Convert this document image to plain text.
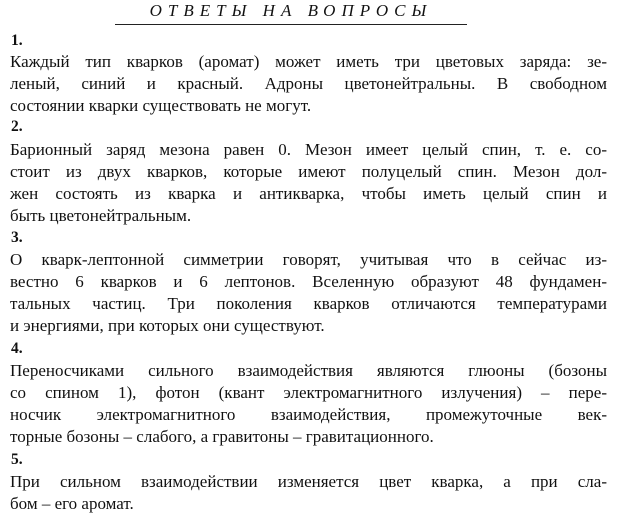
ОТВЕТЫ НА ВОПРОСЫ
1.
Каждый тип кварков (аромат) может иметь три цветовых заряда: зе-
леный, синий и красный. Адроны цветонейтральны. В свободном
состоянии кварки существовать не могут.
2.
Барионный заряд мезона равен 0. Мезон имеет целый спин, т. е. со-
стоит из двух кварков, которые имеют полуцелый спин. Мезон дол-
жен состоять из кварка и антикварка, чтобы иметь целый спин и
быть цветонейтральным.
3.
О кварк-лептонной симметрии говорят, учитывая что в сейчас из-
вестно 6 кварков и 6 лептонов. Вселенную образуют 48 фундамен-
тальных частиц. Три поколения кварков отличаются температурами
и энергиями, при которых они существуют.
4.
Переносчиками сильного взаимодействия являются глюоны (бозоны
со спином 1), фотон (квант электромагнитного излучения) – пере-
носчик электромагнитного взаимодействия, промежуточные век-
торные бозоны – слабого, а гравитоны – гравитационного.
5.
При сильном взаимодействии изменяется цвет кварка, а при сла-
бом – его аромат.
